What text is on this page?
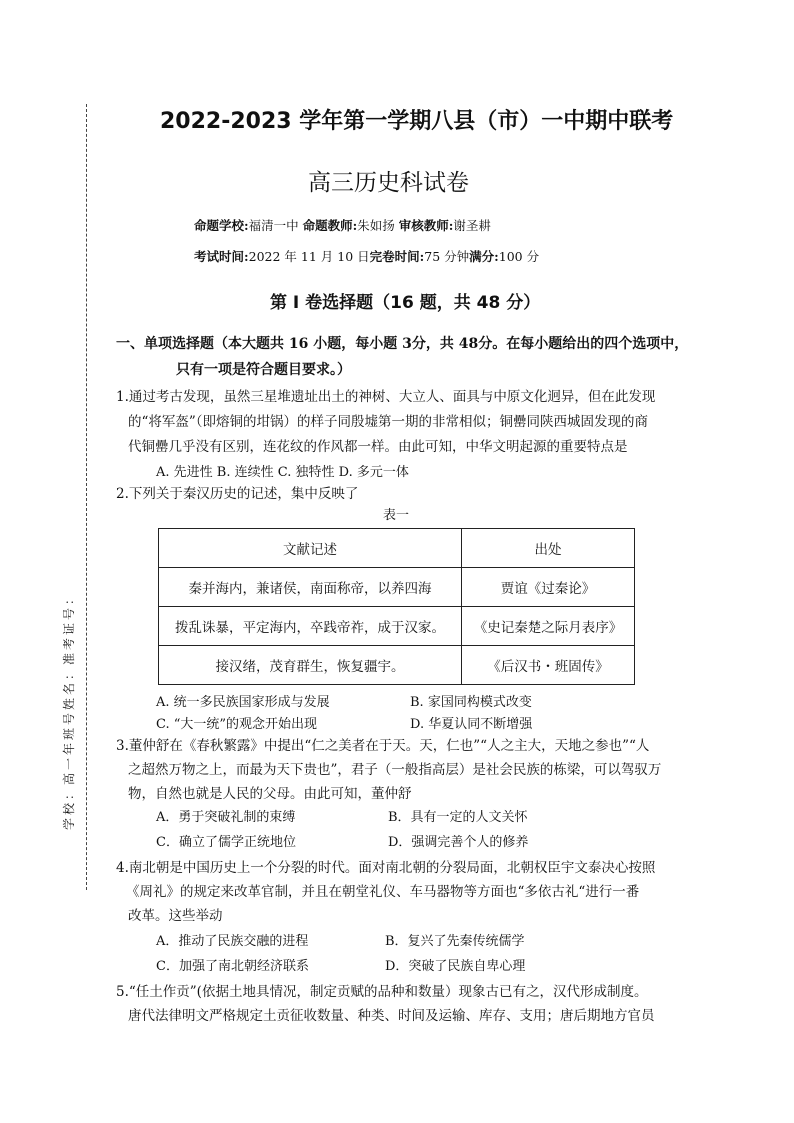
学校：高一年班号姓名：准考证号：
2022-2023 学年第一学期八县（市）一中期中联考
高三历史科试卷
命题学校:福清一中 命题教师:朱如扬 审核教师:谢圣耕
考试时间:2022 年 11 月 10 日完卷时间:75 分钟满分:100 分
第 I 卷选择题（16 题，共 48 分）
一、单项选择题（本大题共 16 小题，每小题 3分，共 48分。在每小题给出的四个选项中，
只有一项是符合题目要求。）
1.通过考古发现，虽然三星堆遗址出土的神树、大立人、面具与中原文化迥异，但在此发现
的“将军盔”（即熔铜的坩锅）的样子同殷墟第一期的非常相似；铜罍同陕西城固发现的商
代铜罍几乎没有区别，连花纹的作风都一样。由此可知，中华文明起源的重要特点是
A. 先进性 B. 连续性 C. 独特性 D. 多元一体
2.下列关于秦汉历史的记述，集中反映了
表一
文献记述	出处
秦并海内，兼诸侯，南面称帝，以养四海	贾谊《过秦论》
拨乱诛暴，平定海内，卒践帝祚，成于汉家。	《史记秦楚之际月表序》
接汉绪，茂育群生，恢复疆宇。	《后汉书・班固传》
A. 统一多民族国家形成与发展	B. 家国同构模式改变
C. “大一统”的观念开始出现	D. 华夏认同不断增强
3.董仲舒在《春秋繁露》中提出“仁之美者在于天。天，仁也”“人之主大，天地之参也”“人
之超然万物之上，而最为天下贵也”，君子（一般指高层）是社会民族的栋梁，可以驾驭万
物，自然也就是人民的父母。由此可知，董仲舒
A．勇于突破礼制的束缚	B．具有一定的人文关怀
C．确立了儒学正统地位	D．强调完善个人的修养
4.南北朝是中国历史上一个分裂的时代。面对南北朝的分裂局面，北朝权臣宇文泰决心按照
《周礼》的规定来改革官制，并且在朝堂礼仪、车马器物等方面也“多依古礼“进行一番
改革。这些举动
A．推动了民族交融的进程	B．复兴了先秦传统儒学
C．加强了南北朝经济联系	D．突破了民族自卑心理
5.“任土作贡”(依据土地具情况，制定贡赋的品种和数量）现象古已有之，汉代形成制度。
唐代法律明文严格规定土贡征收数量、种类、时间及运输、库存、支用；唐后期地方官员
